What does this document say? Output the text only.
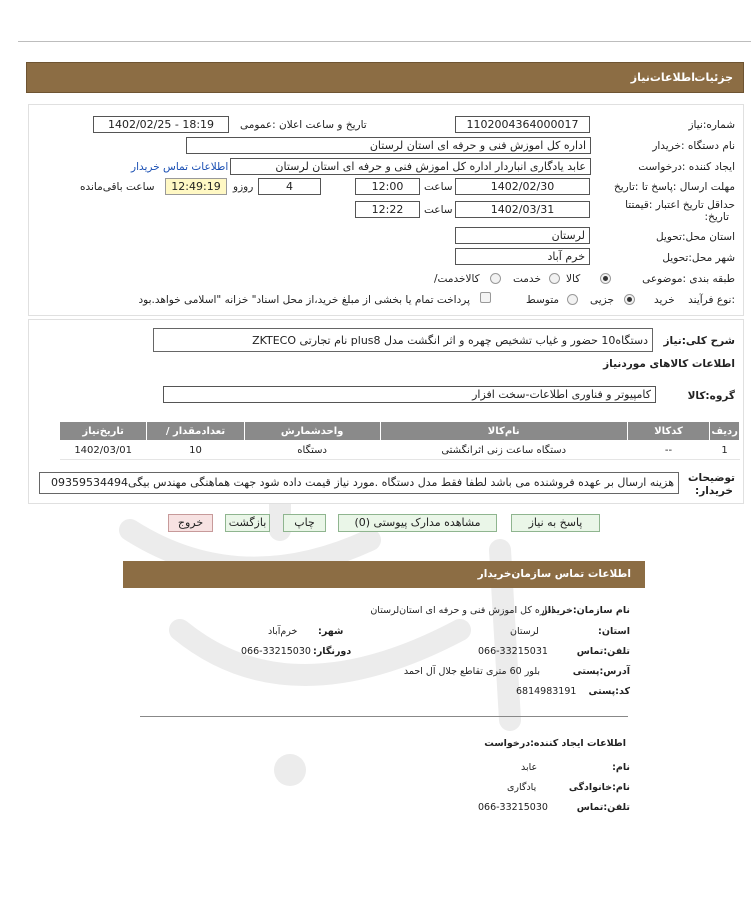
جزئیات
اطلاعات‌نیاز
شماره:نیاز
1102004364000017
تاریخ و ساعت اعلان :عمومی
1402/02/25 - 18:19
نام دستگاه :خریدار
اداره کل اموزش فنی و حرفه ای استان لرستان
ایجاد کننده :درخواست
عابد یادگاری انباردار اداره کل اموزش فنی و حرفه ای استان لرستان
اطلاعات تماس خریدار
مهلت ارسال :پاسخ تا :تاریخ
1402/02/30
ساعت
12:00
4
روزو
12:49:19
ساعت باقی‌مانده
حداقل تاریخ اعتبار :قیمتتا
:تاریخ
1402/03/31
ساعت
12:22
استان محل:تحویل
لرستان
شهر محل:تحویل
خرم آباد
طبقه بندی :موضوعی
کالا
خدمت
/کالاخدمت
نوع فرآیند:
خرید
جزیی
متوسط
پرداخت تمام یا بخشی از مبلغ خرید،از محل اسناد" خزانه "اسلامی خواهد.بود
شرح کلی:نیاز
دستگاه10 حضور و غیاب تشخیص چهره و اثر انگشت مدل plus8 نام تجارتی ZKTECO
اطلاعات کالاهای موردنیاز
گروه:کالا
کامپیوتر و فناوری اطلاعات-سخت افزار
تاریخ‌نیاز	/ تعدادمقدار	واحدشمارش	نام‌کالا	کدکالا	ردیف
1402/03/01	10	دستگاه	دستگاه ساعت زنی اثرانگشتی	--	1
توضیحات
:خریدار
هزینه ارسال بر عهده فروشنده می باشد لطفا فقط مدل دستگاه .مورد نیاز قیمت داده شود جهت هماهنگی مهندس بیگی09359534494
پاسخ به نیاز
مشاهده مدارک پیوستی (0)
چاپ
بازگشت
خروج
اطلاعات تماس سازمان‌خریدار
نام سازمان:خریدار
اداره کل اموزش فنی و حرفه ای استان‌لرستان
:استان
لرستان
:شهر
خرم‌آباد
تلفن:تماس
066-33215031
:دورنگار
066-33215030
آدرس:پستی
بلور 60 متری تقاطع جلال آل احمد
کد:پستی
6814983191
اطلاعات ایجاد کننده:درخواست
:نام
عابد
نام:خانوادگی
یادگاری
تلفن:تماس
066-33215030
